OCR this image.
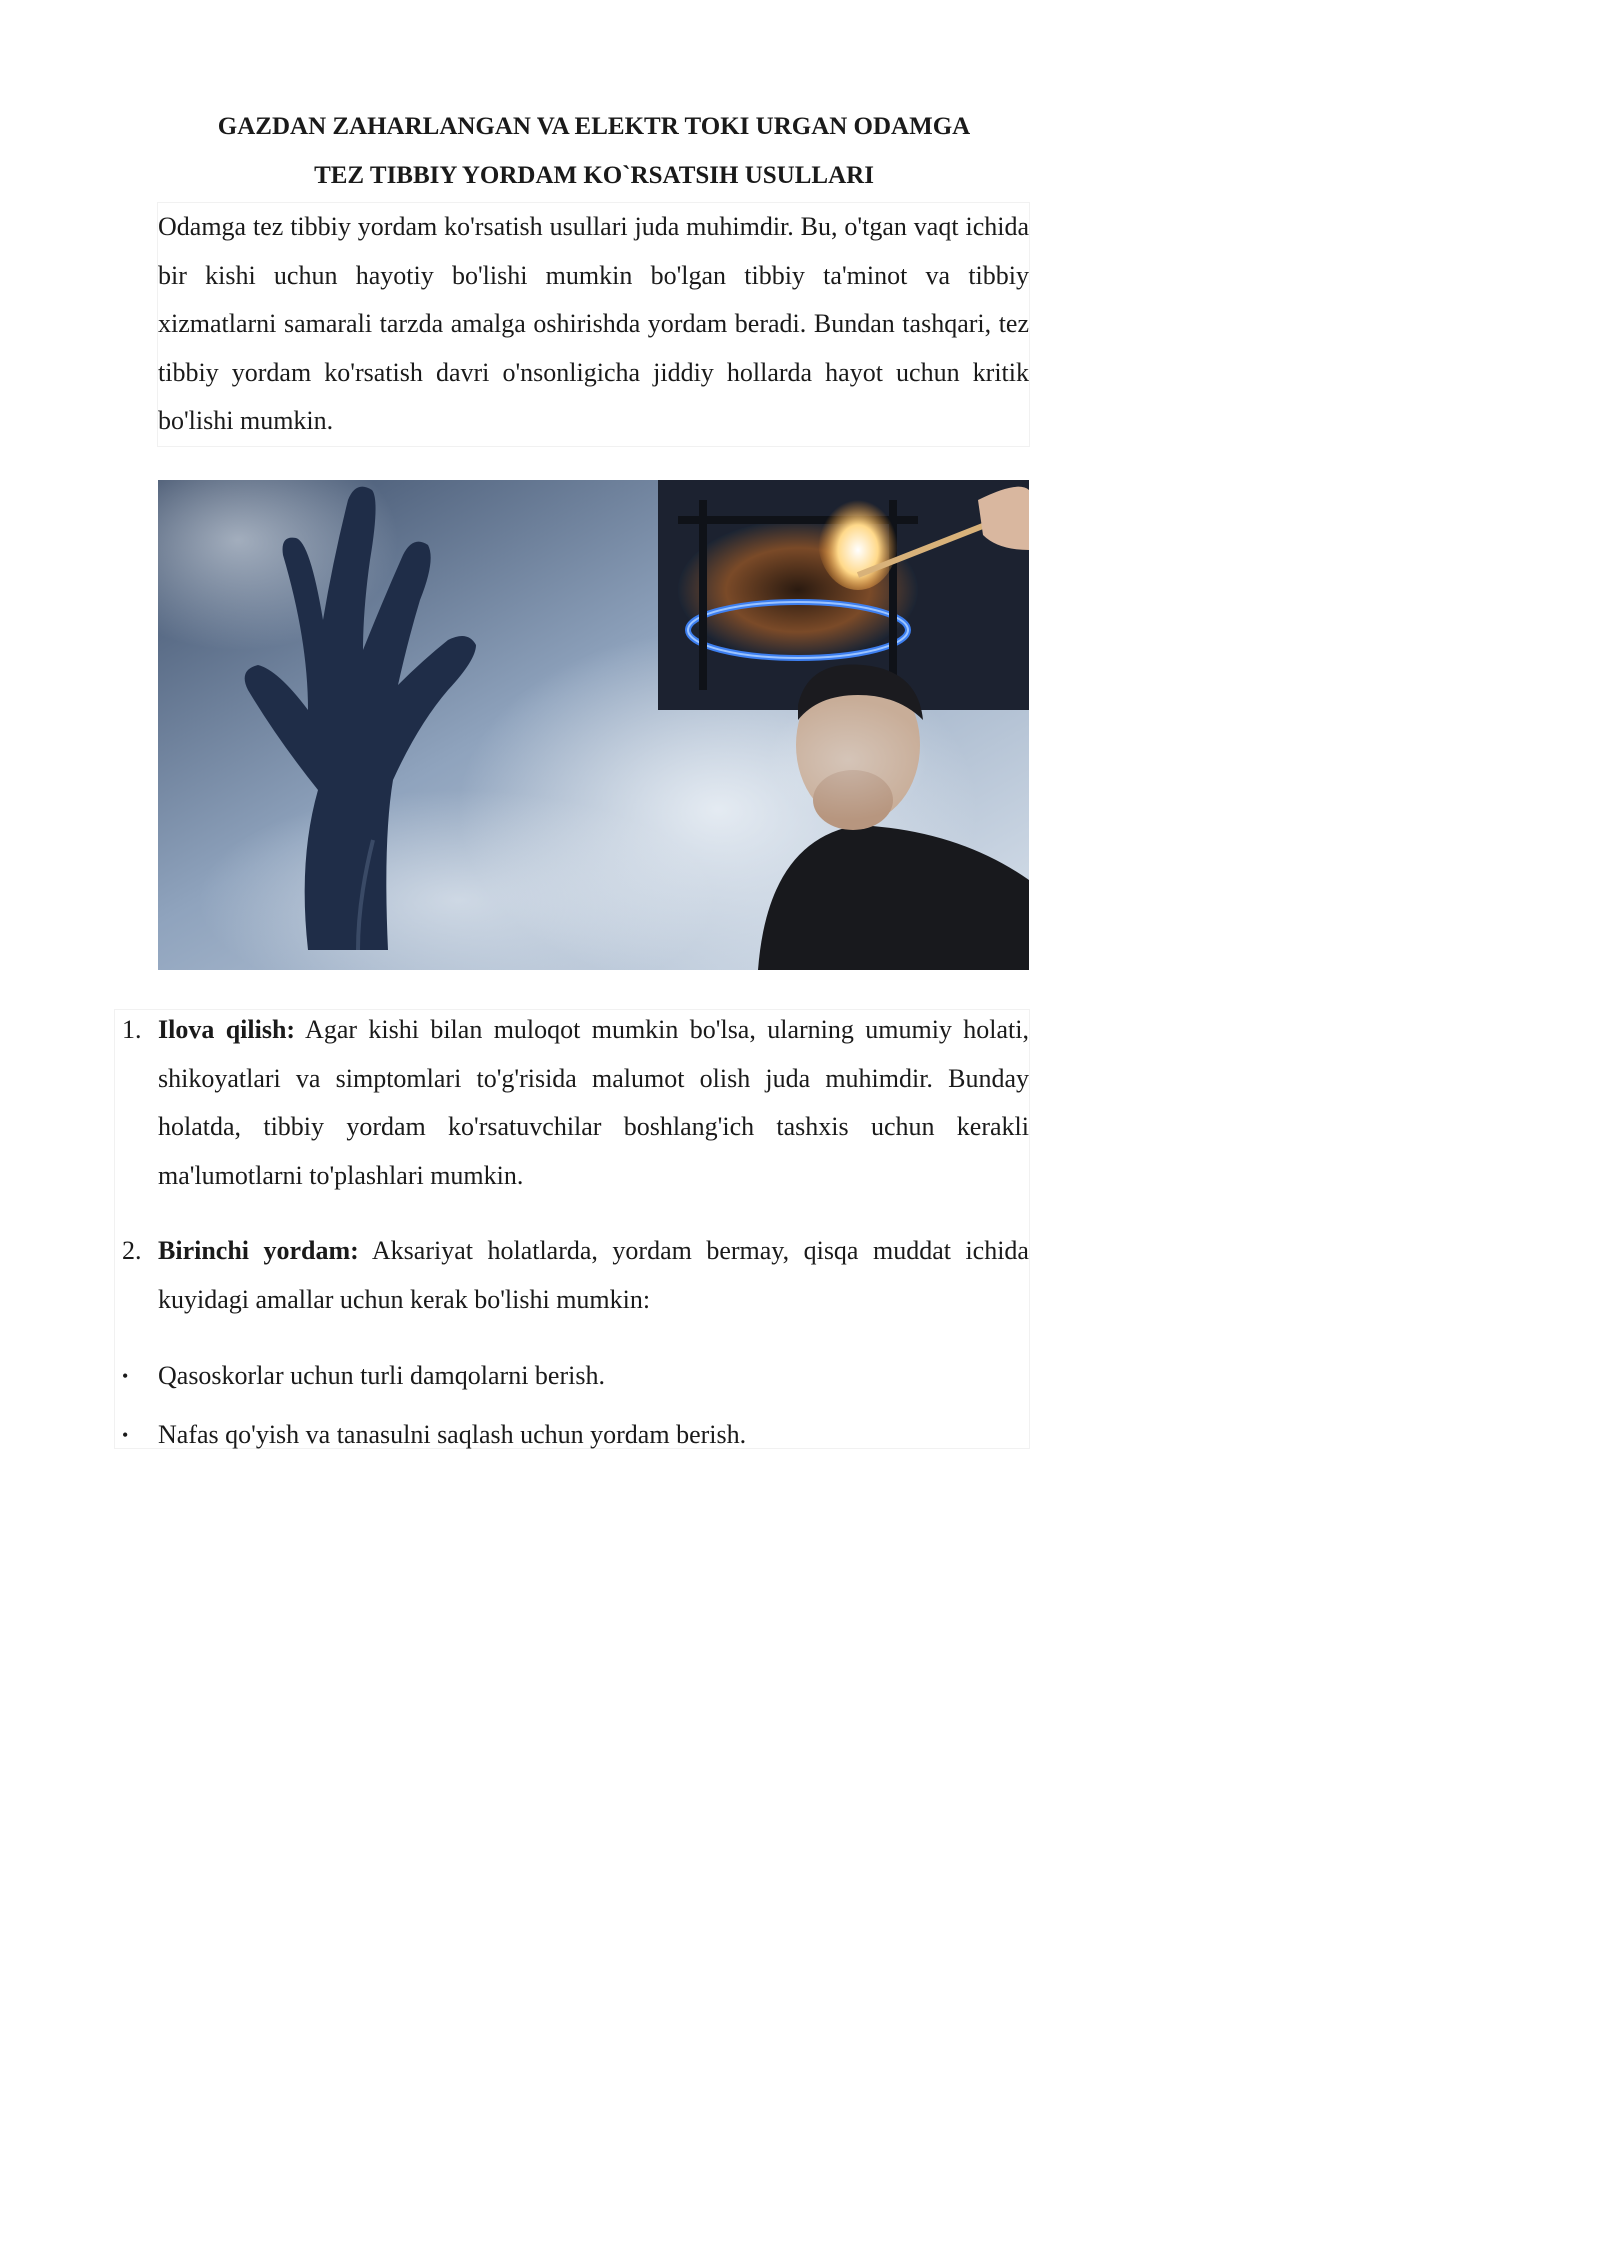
GAZDAN ZAHARLANGAN VA ELEKTR TOKI URGAN ODAMGA
TEZ TIBBIY YORDAM KO`RSATSIH USULLARI

Odamga tez tibbiy yordam ko'rsatish usullari juda muhimdir. Bu, o'tgan vaqt ichida bir kishi uchun hayotiy bo'lishi mumkin bo'lgan tibbiy ta'minot va tibbiy xizmatlarni samarali tarzda amalga oshirishda yordam beradi. Bundan tashqari, tez tibbiy yordam ko'rsatish davri o'nsonligicha jiddiy hollarda hayot uchun kritik bo'lishi mumkin.

1. Ilova qilish: Agar kishi bilan muloqot mumkin bo'lsa, ularning umumiy holati, shikoyatlari va simptomlari to'g'risida malumot olish juda muhimdir. Bunday holatda, tibbiy yordam ko'rsatuvchilar boshlang'ich tashxis uchun kerakli ma'lumotlarni to'plashlari mumkin.
2. Birinchi yordam: Aksariyat holatlarda, yordam bermay, qisqa muddat ichida kuyidagi amallar uchun kerak bo'lishi mumkin:
• Qasoskorlar uchun turli damqolarni berish.
• Nafas qo'yish va tanasulni saqlash uchun yordam berish.
